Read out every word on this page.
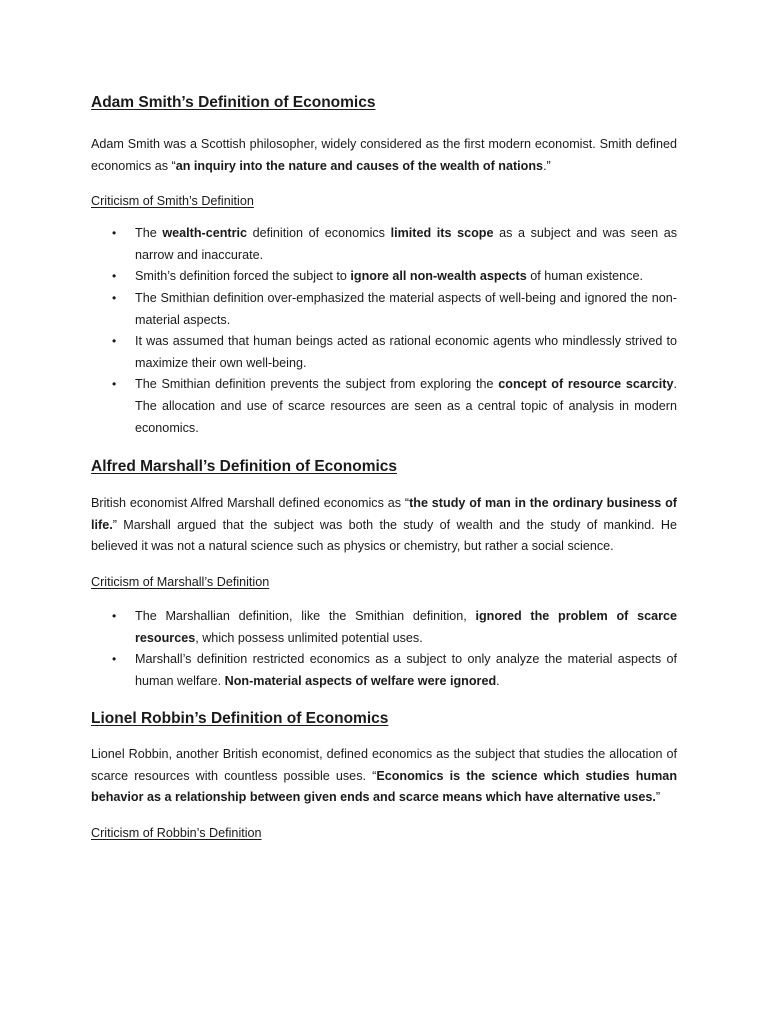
Adam Smith’s Definition of Economics

Adam Smith was a Scottish philosopher, widely considered as the first modern economist. Smith defined economics as “an inquiry into the nature and causes of the wealth of nations.”

Criticism of Smith’s Definition

• The wealth-centric definition of economics limited its scope as a subject and was seen as narrow and inaccurate.
• Smith’s definition forced the subject to ignore all non-wealth aspects of human existence.
• The Smithian definition over-emphasized the material aspects of well-being and ignored the non-material aspects.
• It was assumed that human beings acted as rational economic agents who mindlessly strived to maximize their own well-being.
• The Smithian definition prevents the subject from exploring the concept of resource scarcity. The allocation and use of scarce resources are seen as a central topic of analysis in modern economics.
Alfred Marshall’s Definition of Economics

British economist Alfred Marshall defined economics as “the study of man in the ordinary business of life.” Marshall argued that the subject was both the study of wealth and the study of mankind. He believed it was not a natural science such as physics or chemistry, but rather a social science.

Criticism of Marshall’s Definition

• The Marshallian definition, like the Smithian definition, ignored the problem of scarce resources, which possess unlimited potential uses.
• Marshall’s definition restricted economics as a subject to only analyze the material aspects of human welfare. Non-material aspects of welfare were ignored.
Lionel Robbin’s Definition of Economics

Lionel Robbin, another British economist, defined economics as the subject that studies the allocation of scarce resources with countless possible uses. “Economics is the science which studies human behavior as a relationship between given ends and scarce means which have alternative uses.”

Criticism of Robbin’s Definition
